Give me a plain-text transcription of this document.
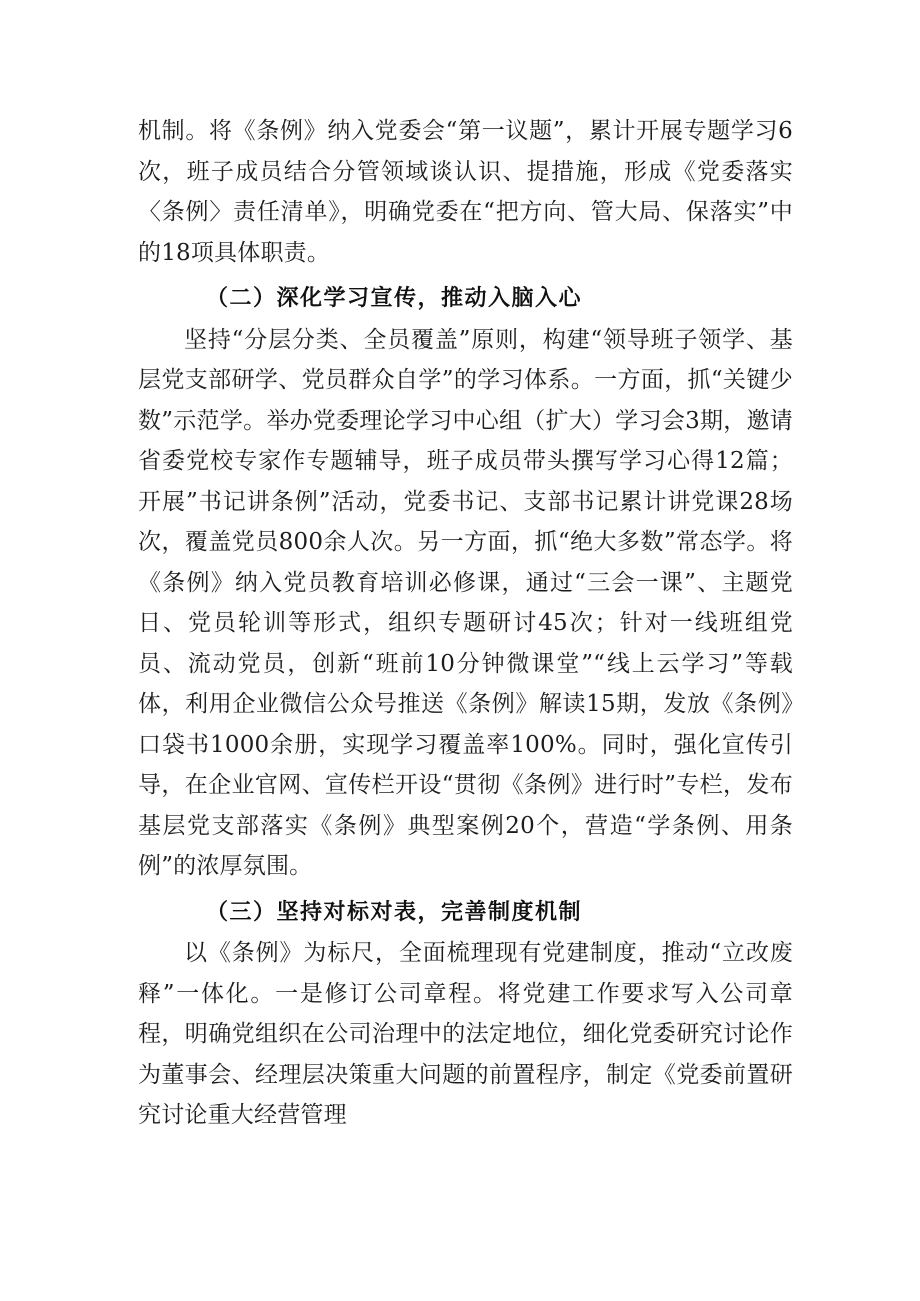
机制。将《条例》纳入党委会“第一议题”，累计开展专题学习6次，班子成员结合分管领域谈认识、提措施，形成《党委落实〈条例〉责任清单》，明确党委在“把方向、管大局、保落实”中的18项具体职责。

（二）深化学习宣传，推动入脑入心

坚持“分层分类、全员覆盖”原则，构建“领导班子领学、基层党支部研学、党员群众自学”的学习体系。一方面，抓“关键少数”示范学。举办党委理论学习中心组（扩大）学习会3期，邀请省委党校专家作专题辅导，班子成员带头撰写学习心得12篇；开展”书记讲条例”活动，党委书记、支部书记累计讲党课28场次，覆盖党员800余人次。另一方面，抓“绝大多数”常态学。将《条例》纳入党员教育培训必修课，通过“三会一课”、主题党日、党员轮训等形式，组织专题研讨45次；针对一线班组党员、流动党员，创新“班前10分钟微课堂”“线上云学习”等载体，利用企业微信公众号推送《条例》解读15期，发放《条例》口袋书1000余册，实现学习覆盖率100%。同时，强化宣传引导，在企业官网、宣传栏开设“贯彻《条例》进行时”专栏，发布基层党支部落实《条例》典型案例20个，营造“学条例、用条例”的浓厚氛围。

（三）坚持对标对表，完善制度机制

以《条例》为标尺，全面梳理现有党建制度，推动“立改废释”一体化。一是修订公司章程。将党建工作要求写入公司章程，明确党组织在公司治理中的法定地位，细化党委研究讨论作为董事会、经理层决策重大问题的前置程序，制定《党委前置研究讨论重大经营管理
